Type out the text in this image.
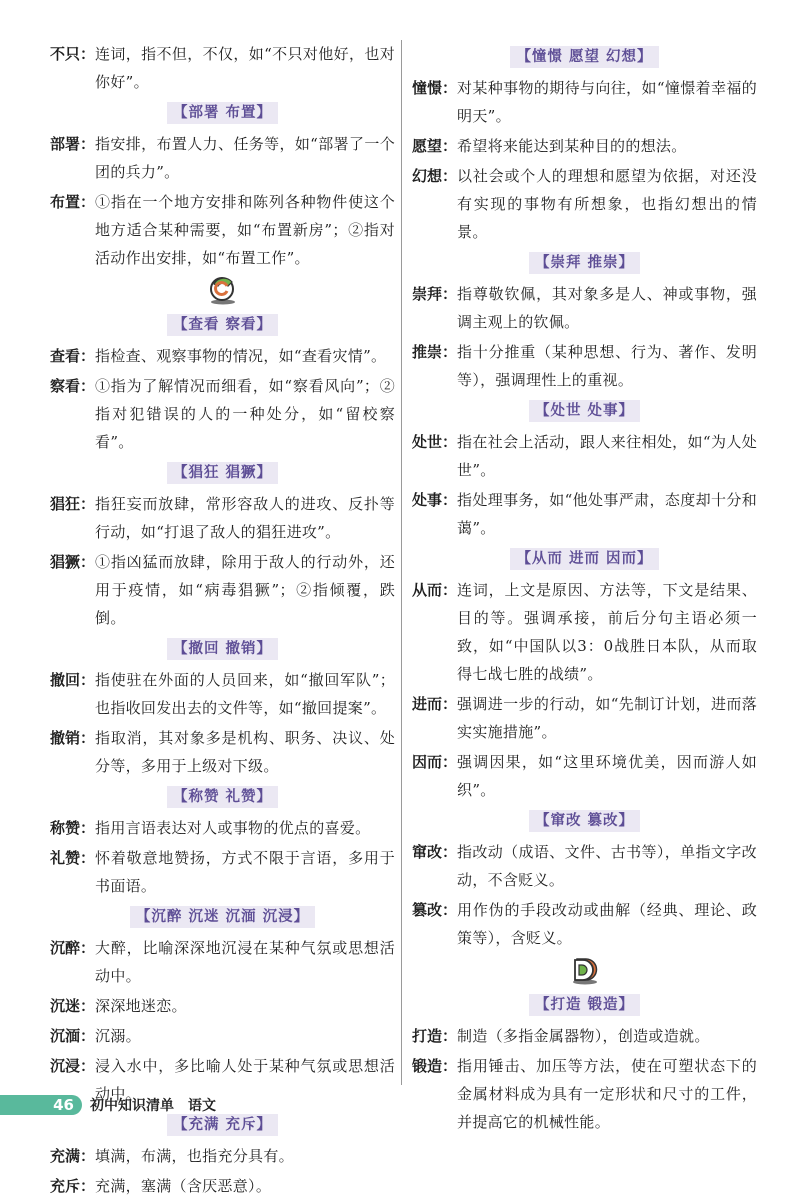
不只： 连词，指不但，不仅，如“不只对他好，也对你好”。
【部署 布置】
部署： 指安排，布置人力、任务等，如“部署了一个团的兵力”。
布置： ①指在一个地方安排和陈列各种物件使这个地方适合某种需要，如“布置新房”；②指对活动作出安排，如“布置工作”。
【查看 察看】
查看： 指检查、观察事物的情况，如“查看灾情”。
察看： ①指为了解情况而细看，如“察看风向”；②指对犯错误的人的一种处分，如“留校察看”。
【猖狂 猖獗】
猖狂： 指狂妄而放肆，常形容敌人的进攻、反扑等行动，如“打退了敌人的猖狂进攻”。
猖獗： ①指凶猛而放肆，除用于敌人的行动外，还用于疫情，如“病毒猖獗”；②指倾覆，跌倒。
【撤回 撤销】
撤回： 指使驻在外面的人员回来，如“撤回军队”；也指收回发出去的文件等，如“撤回提案”。
撤销： 指取消，其对象多是机构、职务、决议、处分等，多用于上级对下级。
【称赞 礼赞】
称赞： 指用言语表达对人或事物的优点的喜爱。
礼赞： 怀着敬意地赞扬，方式不限于言语，多用于书面语。
【沉醉 沉迷 沉湎 沉浸】
沉醉： 大醉，比喻深深地沉浸在某种气氛或思想活动中。
沉迷： 深深地迷恋。
沉湎： 沉溺。
沉浸： 浸入水中，多比喻人处于某种气氛或思想活动中。
【充满 充斥】
充满： 填满，布满，也指充分具有。
充斥： 充满，塞满（含厌恶意）。
【憧憬 愿望 幻想】
憧憬： 对某种事物的期待与向往，如“憧憬着幸福的明天”。
愿望： 希望将来能达到某种目的的想法。
幻想： 以社会或个人的理想和愿望为依据，对还没有实现的事物有所想象，也指幻想出的情景。
【崇拜 推崇】
崇拜： 指尊敬钦佩，其对象多是人、神或事物，强调主观上的钦佩。
推崇： 指十分推重（某种思想、行为、著作、发明等），强调理性上的重视。
【处世 处事】
处世： 指在社会上活动，跟人来往相处，如“为人处世”。
处事： 指处理事务，如“他处事严肃，态度却十分和蔼”。
【从而 进而 因而】
从而： 连词，上文是原因、方法等，下文是结果、目的等。强调承接，前后分句主语必须一致，如“中国队以3：0战胜日本队，从而取得七战七胜的战绩”。
进而： 强调进一步的行动，如“先制订计划，进而落实实施措施”。
因而： 强调因果，如“这里环境优美，因而游人如织”。
【窜改 篡改】
窜改： 指改动（成语、文件、古书等），单指文字改动，不含贬义。
篡改： 用作伪的手段改动或曲解（经典、理论、政策等），含贬义。
【打造 锻造】
打造： 制造（多指金属器物），创造或造就。
锻造： 指用锤击、加压等方法，使在可塑状态下的金属材料成为具有一定形状和尺寸的工件，并提高它的机械性能。
46	初中知识清单 语文
